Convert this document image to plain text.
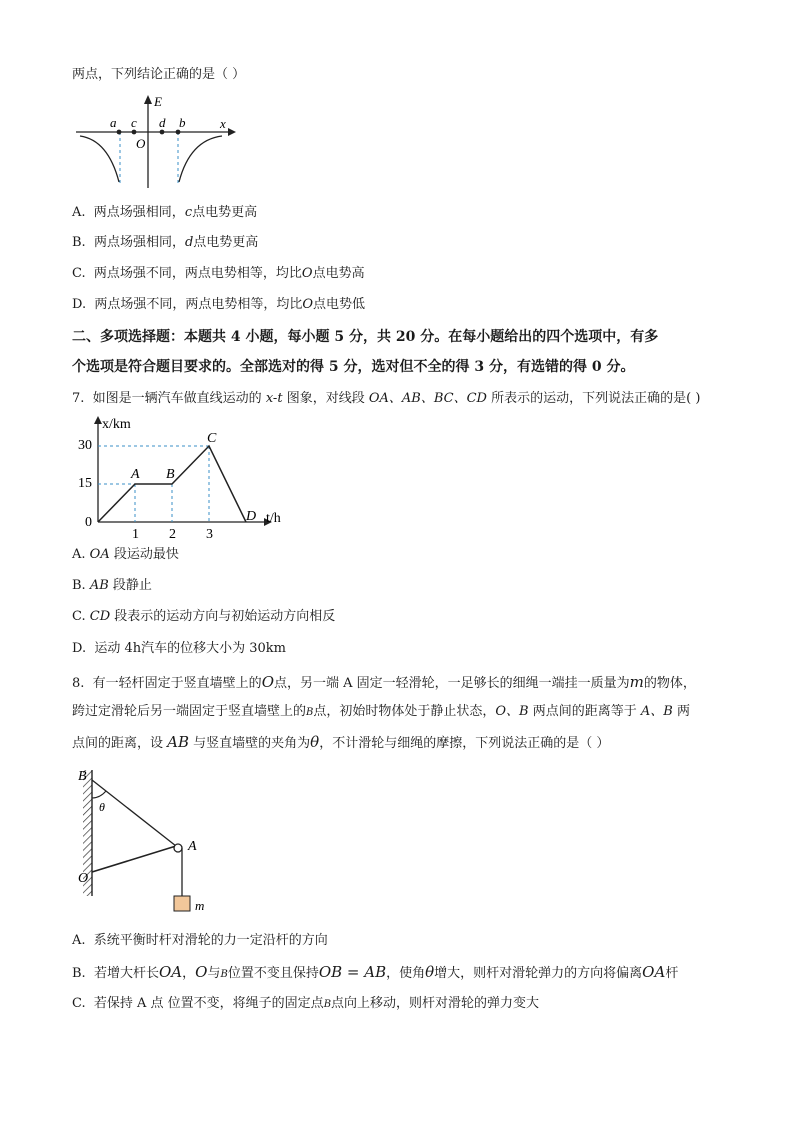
两点，下列结论正确的是（ ）
E
x
O
a c d b
A. 两点场强相同，c点电势更高
B. 两点场强相同，d点电势更高
C. 两点场强不同，两点电势相等，均比O点电势高
D. 两点场强不同，两点电势相等，均比O点电势低
二、多项选择题：本题共 4 小题，每小题 5 分，共 20 分。在每小题给出的四个选项中，有多
个选项是符合题目要求的。全部选对的得 5 分，选对但不全的得 3 分，有选错的得 0 分。
7. 如图是一辆汽车做直线运动的 x-t 图象，对线段 OA、AB、BC、CD 所表示的运动，下列说法正确的是( )
x/km
t/h
30
15
0
1 2 3
A B
C
D
A. OA 段运动最快
B. AB 段静止
C. CD 段表示的运动方向与初始运动方向相反
D. 运动 4h汽车的位移大小为 30km
8. 有一轻杆固定于竖直墙壁上的O点，另一端 A 固定一轻滑轮，一足够长的细绳一端挂一质量为m的物体，
跨过定滑轮后另一端固定于竖直墙壁上的B点，初始时物体处于静止状态，O、B 两点间的距离等于 A、B 两
点间的距离，设 AB 与竖直墙壁的夹角为θ，不计滑轮与细绳的摩擦，下列说法正确的是（ ）
B
θ
A
O
m
A. 系统平衡时杆对滑轮的力一定沿杆的方向
B. 若增大杆长OA，O与B位置不变且保持OB = AB，使角θ增大，则杆对滑轮弹力的方向将偏离OA杆
C. 若保持 A 点 位置不变，将绳子的固定点B点向上移动，则杆对滑轮的弹力变大
